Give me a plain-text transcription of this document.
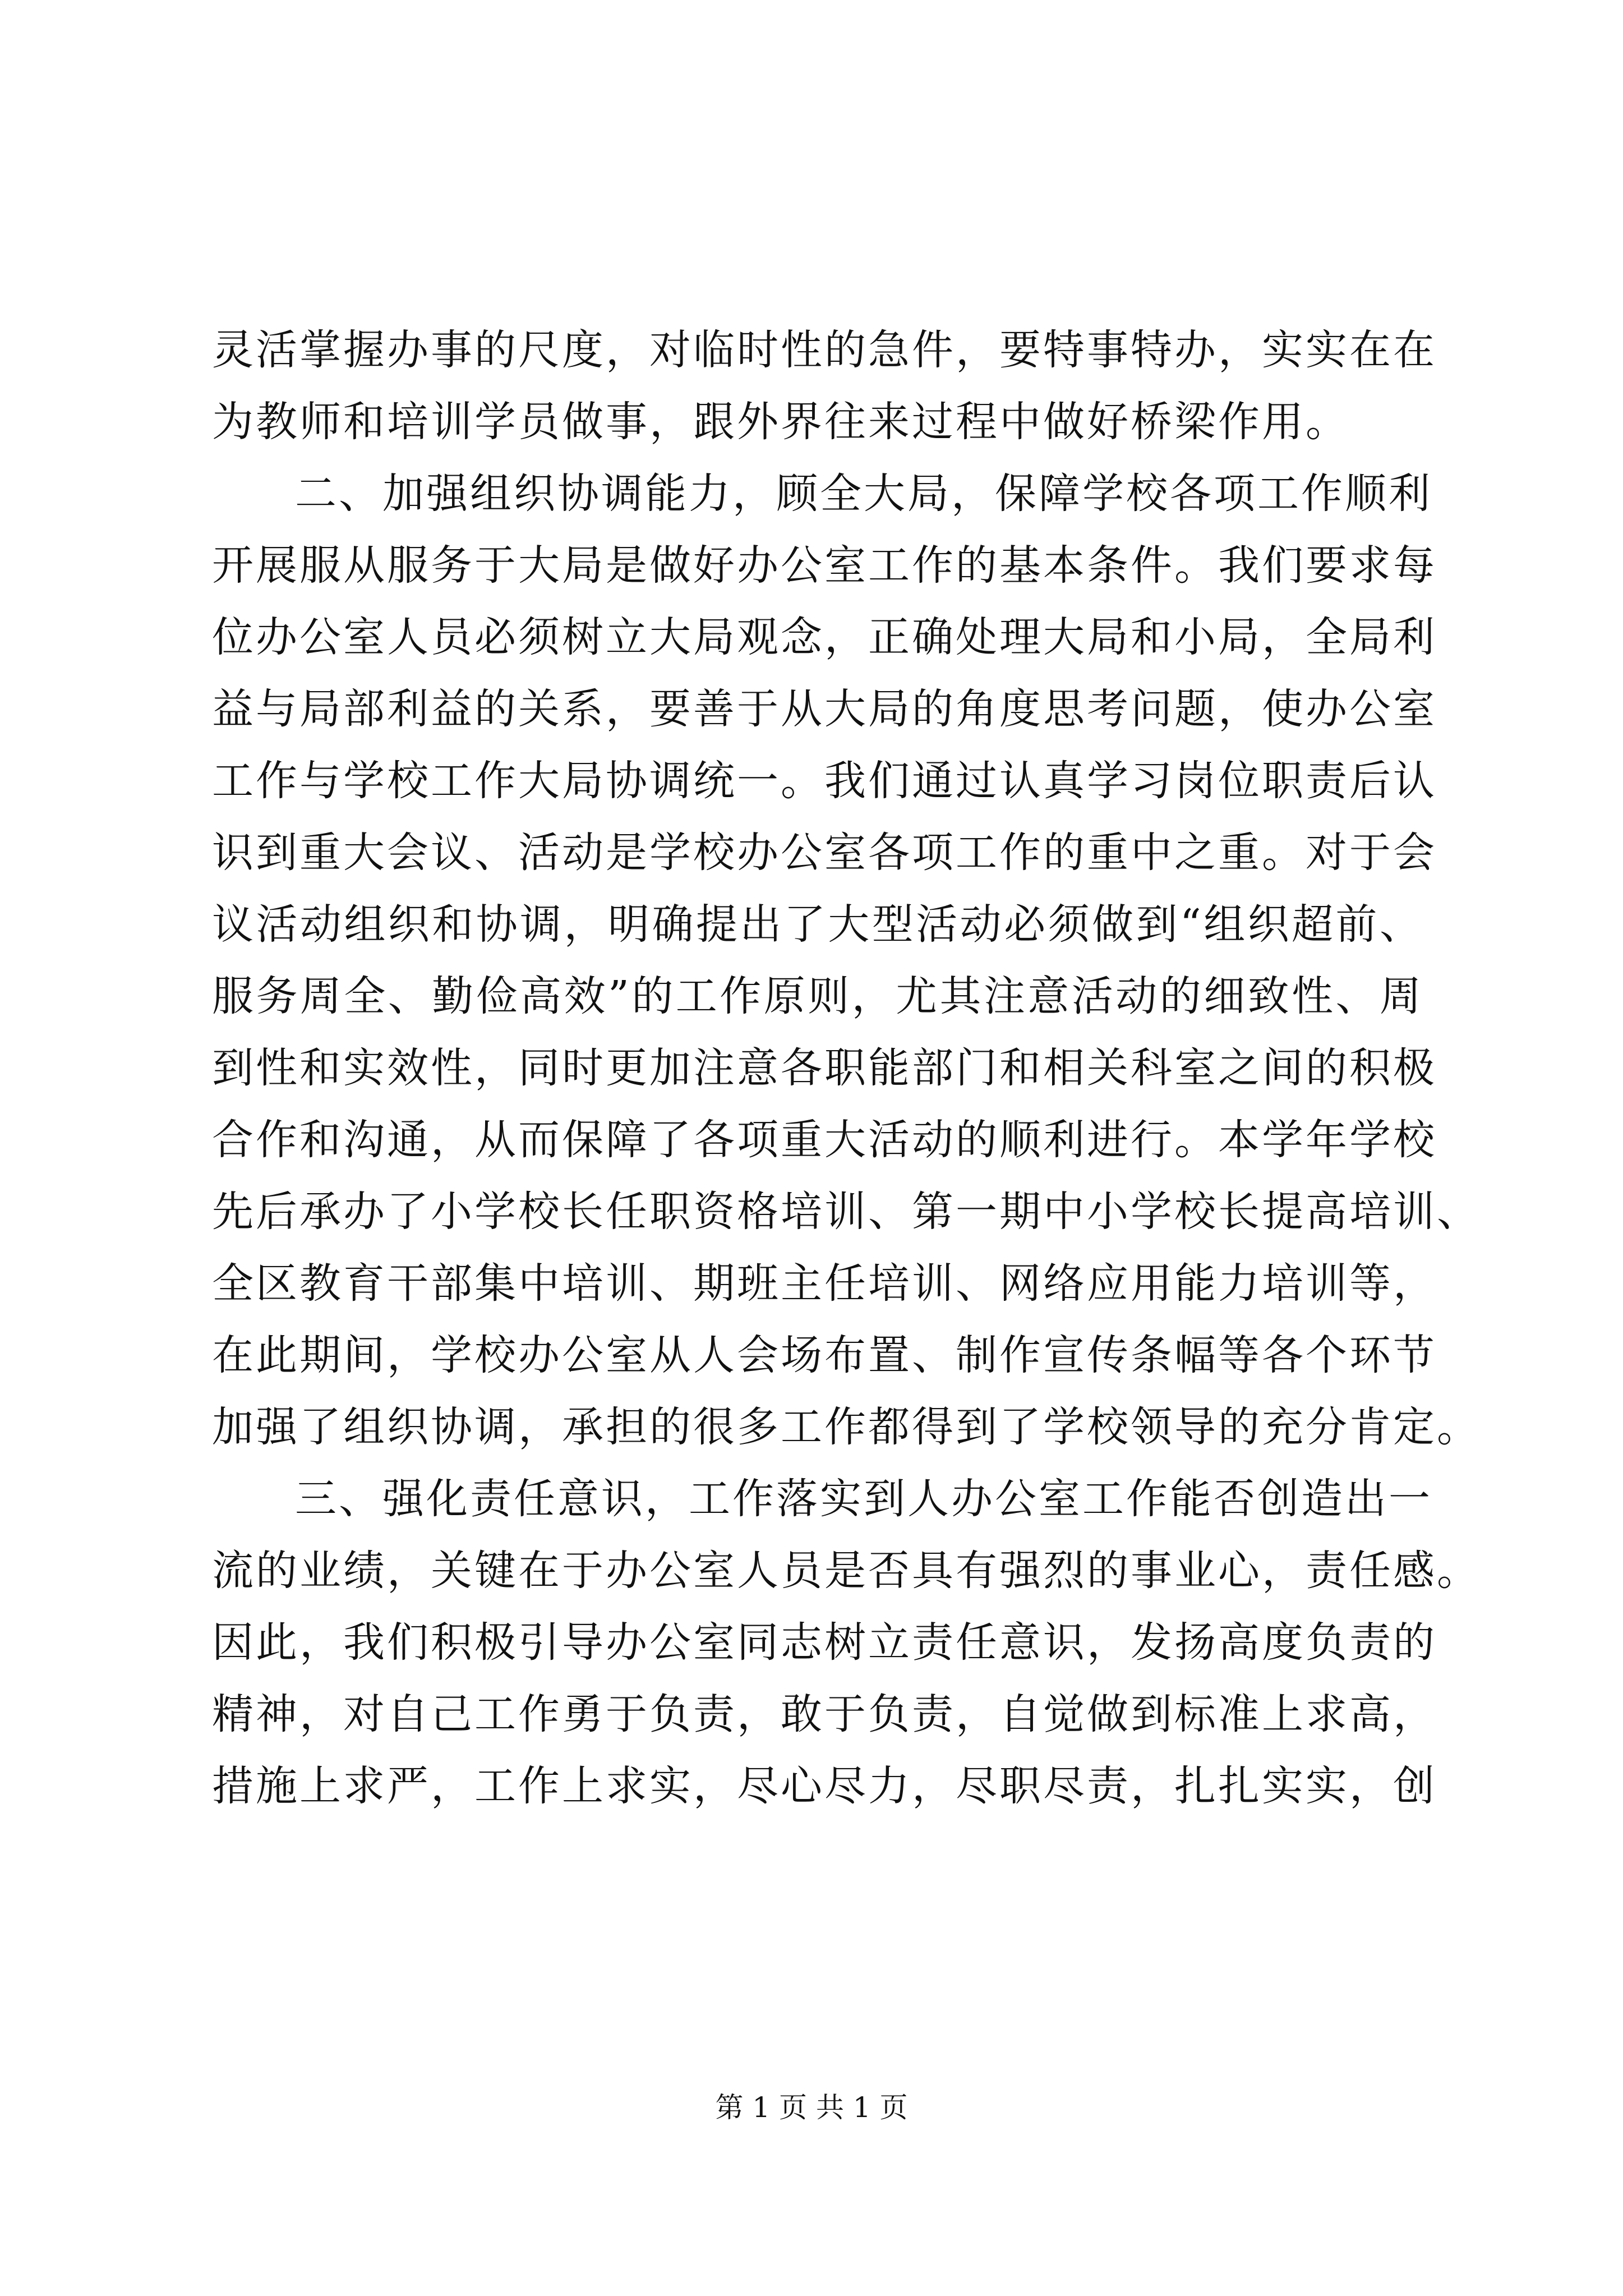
灵活掌握办事的尺度，对临时性的急件，要特事特办，实实在在
为教师和培训学员做事，跟外界往来过程中做好桥梁作用。
二、加强组织协调能力，顾全大局，保障学校各项工作顺利
开展服从服务于大局是做好办公室工作的基本条件。我们要求每
位办公室人员必须树立大局观念，正确处理大局和小局，全局利
益与局部利益的关系，要善于从大局的角度思考问题，使办公室
工作与学校工作大局协调统一。我们通过认真学习岗位职责后认
识到重大会议、活动是学校办公室各项工作的重中之重。对于会
议活动组织和协调，明确提出了大型活动必须做到“组织超前、
服务周全、勤俭高效”的工作原则，尤其注意活动的细致性、周
到性和实效性，同时更加注意各职能部门和相关科室之间的积极
合作和沟通，从而保障了各项重大活动的顺利进行。本学年学校
先后承办了小学校长任职资格培训、第一期中小学校长提高培训、
全区教育干部集中培训、期班主任培训、网络应用能力培训等，
在此期间，学校办公室从人会场布置、制作宣传条幅等各个环节
加强了组织协调，承担的很多工作都得到了学校领导的充分肯定。
三、强化责任意识，工作落实到人办公室工作能否创造出一
流的业绩，关键在于办公室人员是否具有强烈的事业心，责任感。
因此，我们积极引导办公室同志树立责任意识，发扬高度负责的
精神，对自己工作勇于负责，敢于负责，自觉做到标准上求高，
措施上求严，工作上求实，尽心尽力，尽职尽责，扎扎实实，创
第 1 页 共 1 页
